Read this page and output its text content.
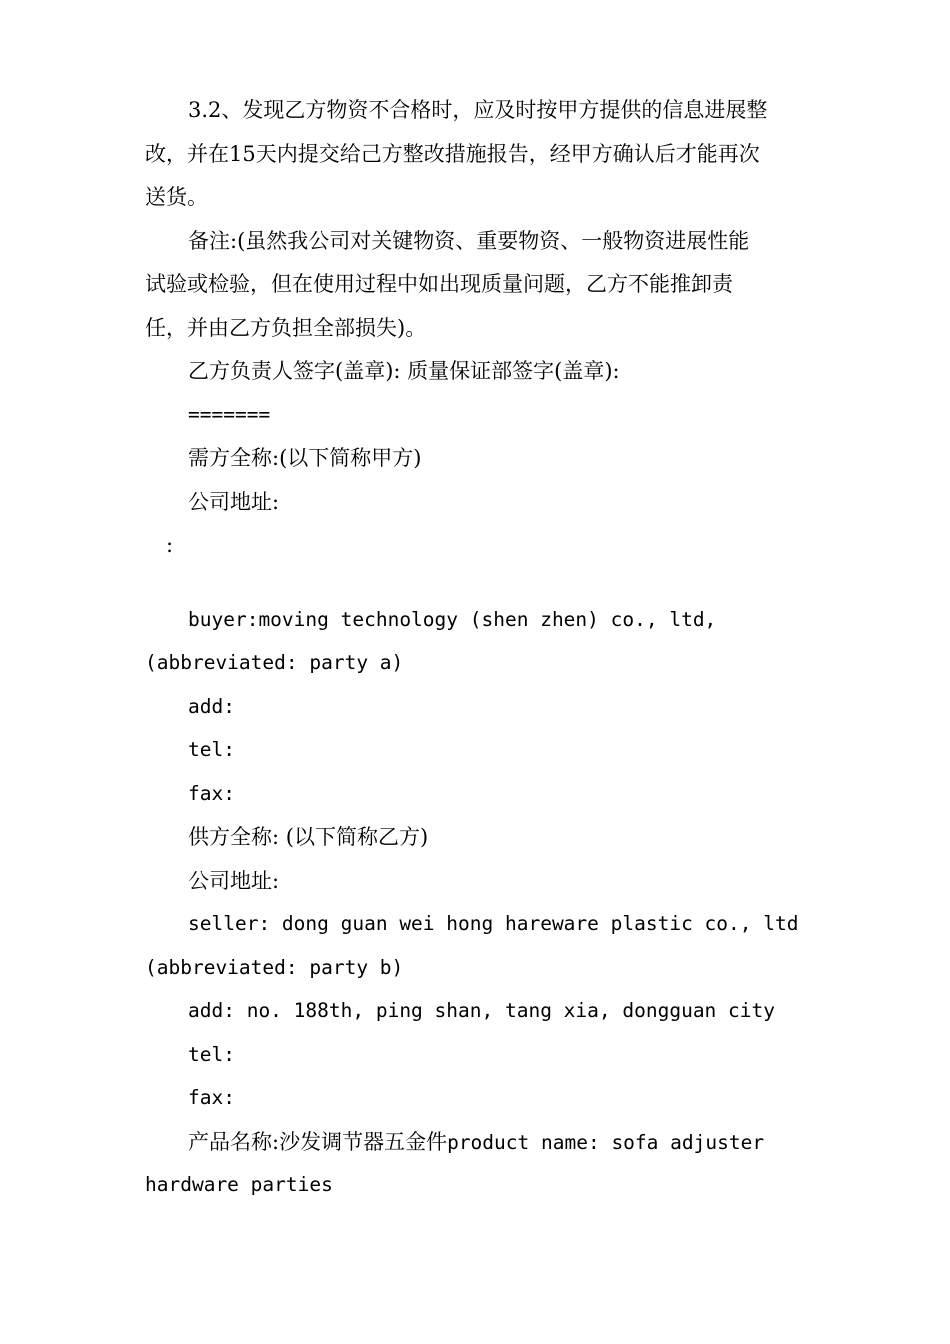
3.2、发现乙方物资不合格时，应及时按甲方提供的信息进展整
改，并在15天内提交给己方整改措施报告，经甲方确认后才能再次
送货。
备注:(虽然我公司对关键物资、重要物资、一般物资进展性能
试验或检验，但在使用过程中如出现质量问题，乙方不能推卸责
任，并由乙方负担全部损失)。
乙方负责人签字(盖章): 质量保证部签字(盖章):
=======
需方全称:(以下简称甲方)
公司地址:
:
buyer:moving technology (shen zhen) co., ltd,
(abbreviated: party a)
add:
tel:
fax:
供方全称: (以下简称乙方)
公司地址:
seller: dong guan wei hong hareware plastic co., ltd
(abbreviated: party b)
add: no. 188th, ping shan, tang xia, dongguan city
tel:
fax:
产品名称:沙发调节器五金件product name: sofa adjuster
hardware parties
